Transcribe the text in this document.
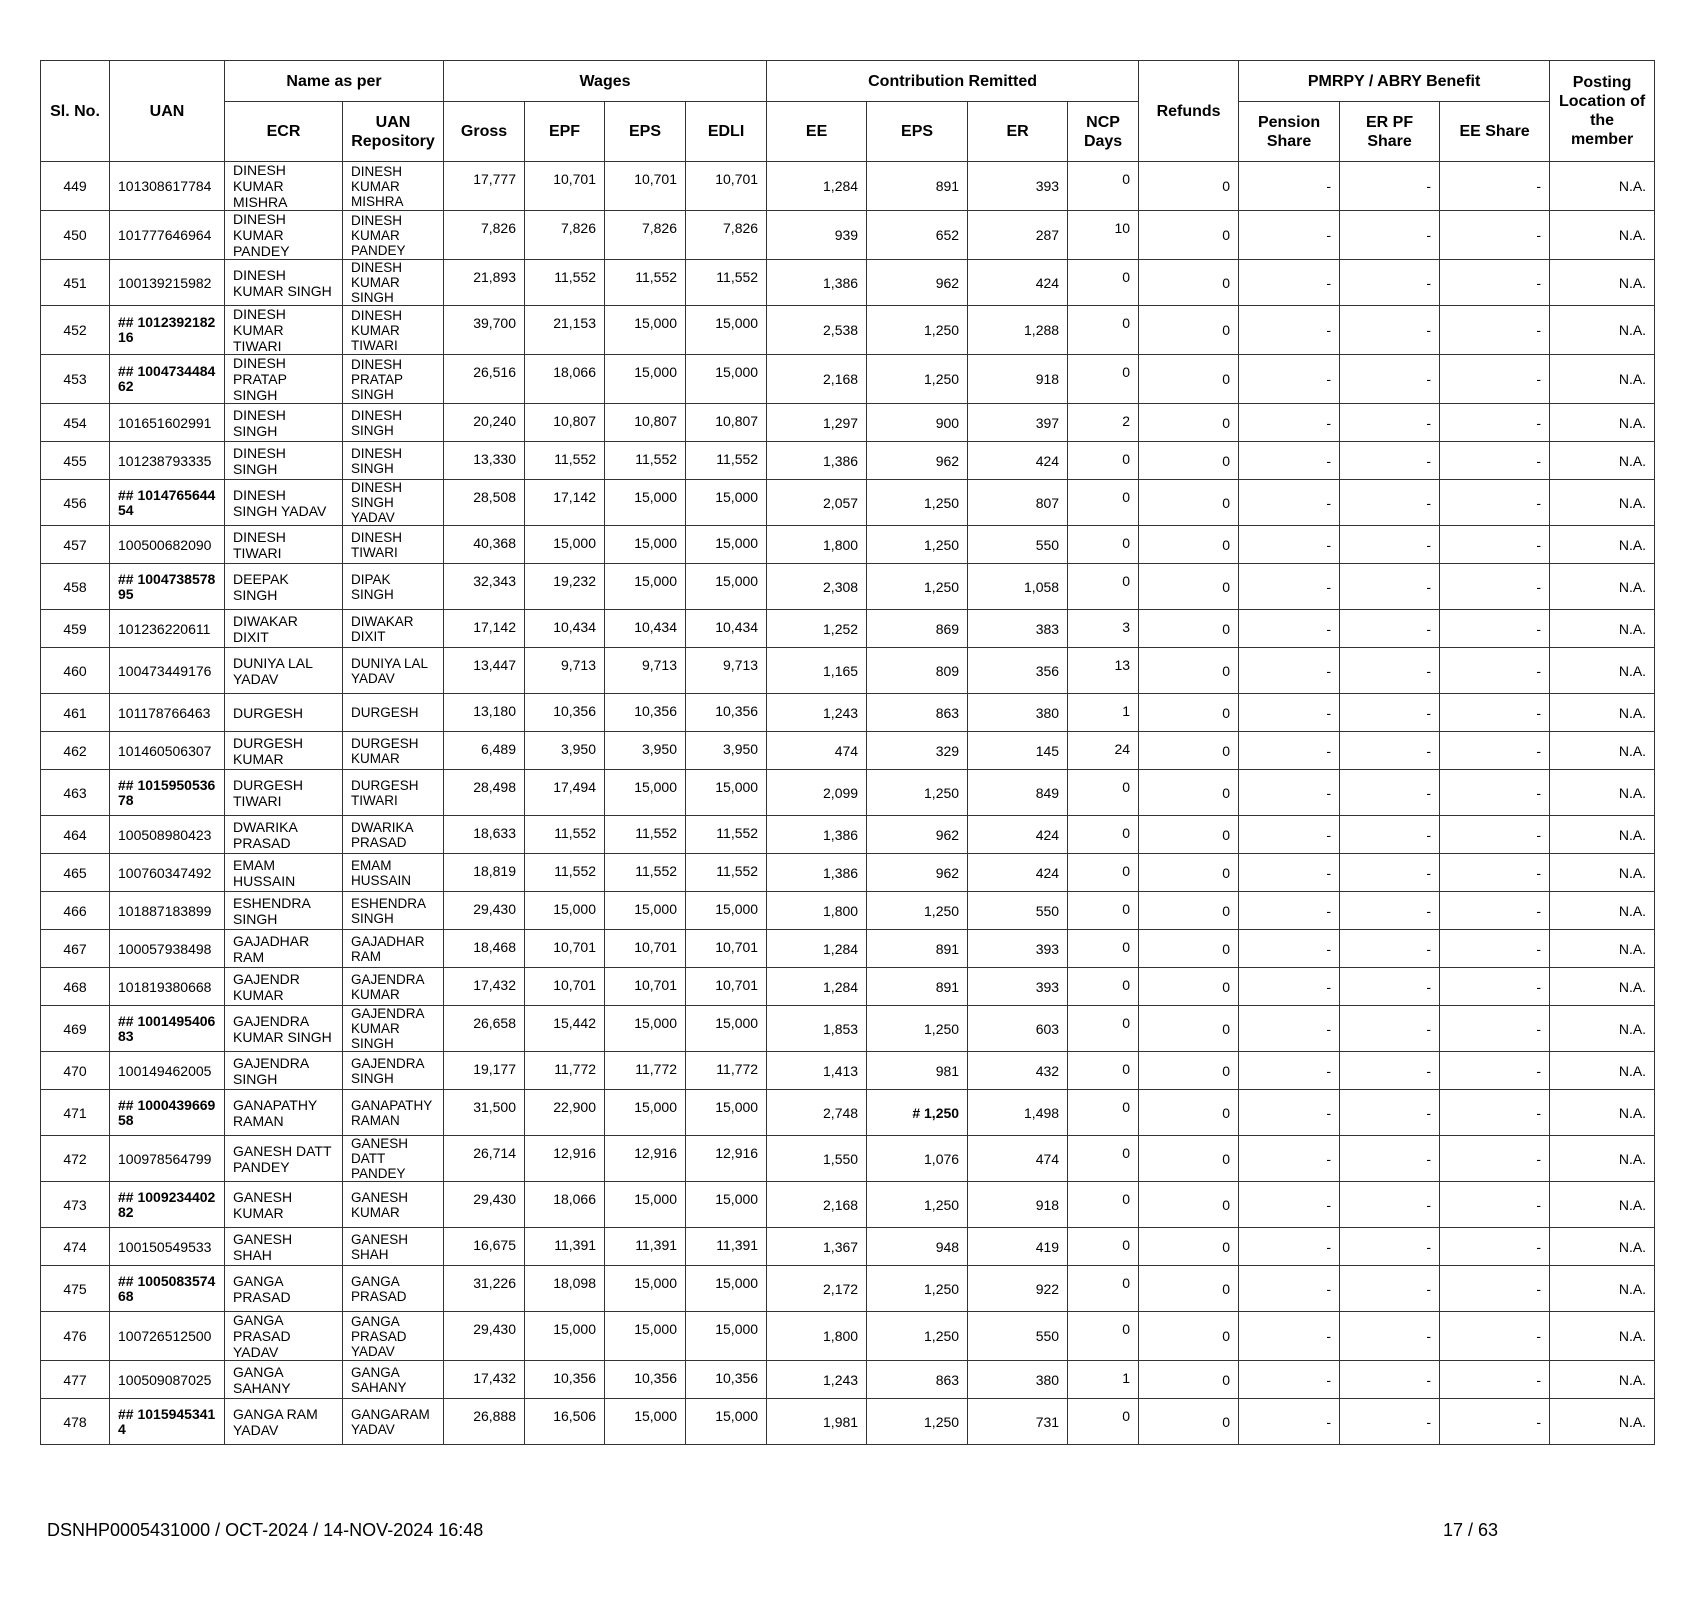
Sl. No.	UAN	Name as per		Wages				Contribution Remitted				Refunds	PMRPY / ABRY Benefit			Posting Location of the member
		ECR	UAN Repository	Gross	EPF	EPS	EDLI	EE	EPS	ER	NCP Days		Pension Share	ER PF Share	EE Share	
449	101308617784	DINESH KUMAR MISHRA	DINESH KUMAR MISHRA	17,777	10,701	10,701	10,701	1,284	891	393	0	0	-	-	-	N.A.
450	101777646964	DINESH KUMAR PANDEY	DINESH KUMAR PANDEY	7,826	7,826	7,826	7,826	939	652	287	10	0	-	-	-	N.A.
451	100139215982	DINESH KUMAR SINGH	DINESH KUMAR SINGH	21,893	11,552	11,552	11,552	1,386	962	424	0	0	-	-	-	N.A.
452	## 101239218216	DINESH KUMAR TIWARI	DINESH KUMAR TIWARI	39,700	21,153	15,000	15,000	2,538	1,250	1,288	0	0	-	-	-	N.A.
453	## 100473448462	DINESH PRATAP SINGH	DINESH PRATAP SINGH	26,516	18,066	15,000	15,000	2,168	1,250	918	0	0	-	-	-	N.A.
454	101651602991	DINESH SINGH	DINESH SINGH	20,240	10,807	10,807	10,807	1,297	900	397	2	0	-	-	-	N.A.
455	101238793335	DINESH SINGH	DINESH SINGH	13,330	11,552	11,552	11,552	1,386	962	424	0	0	-	-	-	N.A.
456	## 101476564454	DINESH SINGH YADAV	DINESH SINGH YADAV	28,508	17,142	15,000	15,000	2,057	1,250	807	0	0	-	-	-	N.A.
457	100500682090	DINESH TIWARI	DINESH TIWARI	40,368	15,000	15,000	15,000	1,800	1,250	550	0	0	-	-	-	N.A.
458	## 100473857895	DEEPAK SINGH	DIPAK SINGH	32,343	19,232	15,000	15,000	2,308	1,250	1,058	0	0	-	-	-	N.A.
459	101236220611	DIWAKAR DIXIT	DIWAKAR DIXIT	17,142	10,434	10,434	10,434	1,252	869	383	3	0	-	-	-	N.A.
460	100473449176	DUNIYA LAL YADAV	DUNIYA LAL YADAV	13,447	9,713	9,713	9,713	1,165	809	356	13	0	-	-	-	N.A.
461	101178766463	DURGESH	DURGESH	13,180	10,356	10,356	10,356	1,243	863	380	1	0	-	-	-	N.A.
462	101460506307	DURGESH KUMAR	DURGESH KUMAR	6,489	3,950	3,950	3,950	474	329	145	24	0	-	-	-	N.A.
463	## 101595053678	DURGESH TIWARI	DURGESH TIWARI	28,498	17,494	15,000	15,000	2,099	1,250	849	0	0	-	-	-	N.A.
464	100508980423	DWARIKA PRASAD	DWARIKA PRASAD	18,633	11,552	11,552	11,552	1,386	962	424	0	0	-	-	-	N.A.
465	100760347492	EMAM HUSSAIN	EMAM HUSSAIN	18,819	11,552	11,552	11,552	1,386	962	424	0	0	-	-	-	N.A.
466	101887183899	ESHENDRA SINGH	ESHENDRA SINGH	29,430	15,000	15,000	15,000	1,800	1,250	550	0	0	-	-	-	N.A.
467	100057938498	GAJADHAR RAM	GAJADHAR RAM	18,468	10,701	10,701	10,701	1,284	891	393	0	0	-	-	-	N.A.
468	101819380668	GAJENDR KUMAR	GAJENDRA KUMAR	17,432	10,701	10,701	10,701	1,284	891	393	0	0	-	-	-	N.A.
469	## 100149540683	GAJENDRA KUMAR SINGH	GAJENDRA KUMAR SINGH	26,658	15,442	15,000	15,000	1,853	1,250	603	0	0	-	-	-	N.A.
470	100149462005	GAJENDRA SINGH	GAJENDRA SINGH	19,177	11,772	11,772	11,772	1,413	981	432	0	0	-	-	-	N.A.
471	## 100043966958	GANAPATHY RAMAN	GANAPATHY RAMAN	31,500	22,900	15,000	15,000	2,748	# 1,250	1,498	0	0	-	-	-	N.A.
472	100978564799	GANESH DATT PANDEY	GANESH DATT PANDEY	26,714	12,916	12,916	12,916	1,550	1,076	474	0	0	-	-	-	N.A.
473	## 100923440282	GANESH KUMAR	GANESH KUMAR	29,430	18,066	15,000	15,000	2,168	1,250	918	0	0	-	-	-	N.A.
474	100150549533	GANESH SHAH	GANESH SHAH	16,675	11,391	11,391	11,391	1,367	948	419	0	0	-	-	-	N.A.
475	## 100508357468	GANGA PRASAD	GANGA PRASAD	31,226	18,098	15,000	15,000	2,172	1,250	922	0	0	-	-	-	N.A.
476	100726512500	GANGA PRASAD YADAV	GANGA PRASAD YADAV	29,430	15,000	15,000	15,000	1,800	1,250	550	0	0	-	-	-	N.A.
477	100509087025	GANGA SAHANY	GANGA SAHANY	17,432	10,356	10,356	10,356	1,243	863	380	1	0	-	-	-	N.A.
478	## 10159453414	GANGA RAM YADAV	GANGARAM YADAV	26,888	16,506	15,000	15,000	1,981	1,250	731	0	0	-	-	-	N.A.
DSNHP0005431000 / OCT-2024 / 14-NOV-2024 16:48	17 / 63
